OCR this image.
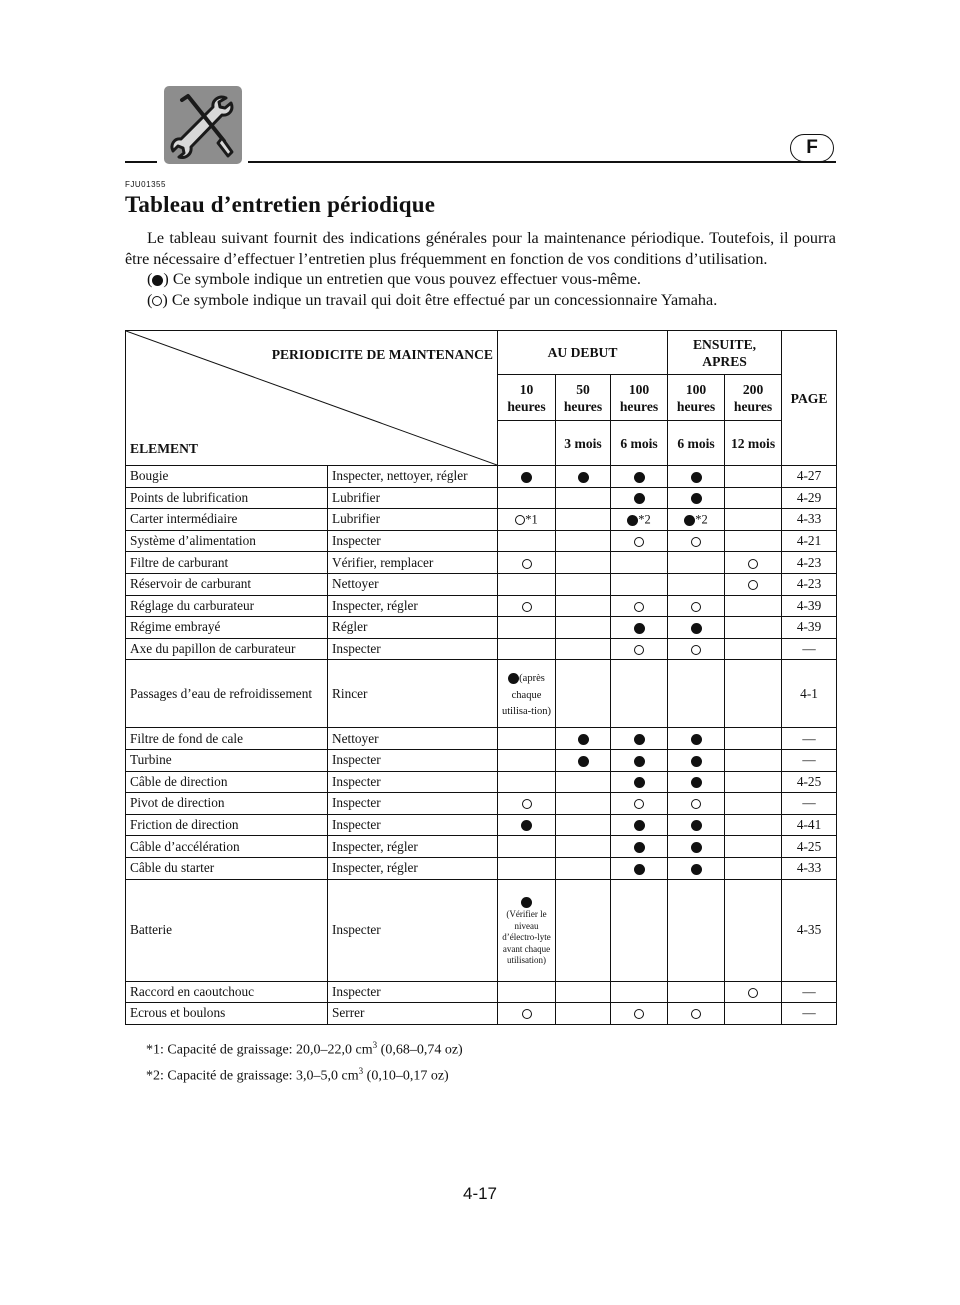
F
FJU01355
Tableau d’entretien périodique

Le tableau suivant fournit des indications générales pour la maintenance périodique. Toutefois, il pourra être nécessaire d’effectuer l’entretien plus fréquemment en fonction de vos conditions d’utilisation.

( ) Ce symbole indique un entretien que vous pouvez effectuer vous-même.

( ) Ce symbole indique un travail qui doit être effectué par un concessionnaire Yamaha.

PERIODICITE DE MAINTENANCE
ELEMENT		AU DEBUT			ENSUITE, APRES		PAGE
		10 heures	50 heures	100 heures	100 heures	200 heures	
			3 mois	6 mois	6 mois	12 mois	
Bougie	Inspecter, nettoyer, régler						4-27
Points de lubrification	Lubrifier						4-29
Carter intermédiaire	Lubrifier	*1		*2	*2		4-33
Système d’alimentation	Inspecter						4-21
Filtre de carburant	Vérifier, remplacer						4-23
Réservoir de carburant	Nettoyer						4-23
Réglage du carburateur	Inspecter, régler						4-39
Régime embrayé	Régler						4-39
Axe du papillon de carburateur	Inspecter						—
Passages d’eau de refroidissement	Rincer	(après chaque utilisa-tion)					4-1
Filtre de fond de cale	Nettoyer						—
Turbine	Inspecter						—
Câble de direction	Inspecter						4-25
Pivot de direction	Inspecter						—
Friction de direction	Inspecter						4-41
Câble d’accélération	Inspecter, régler						4-25
Câble du starter	Inspecter, régler						4-33
Batterie	Inspecter	(Vérifier le niveau d’électro-lyte avant chaque utilisation)					4-35
Raccord en caoutchouc	Inspecter						—
Ecrous et boulons	Serrer						—
*1: Capacité de graissage: 20,0–22,0 $cm^3$ (0,68–0,74 oz)
*2: Capacité de graissage: 3,0–5,0 $cm^3$ (0,10–0,17 oz)
4-17
